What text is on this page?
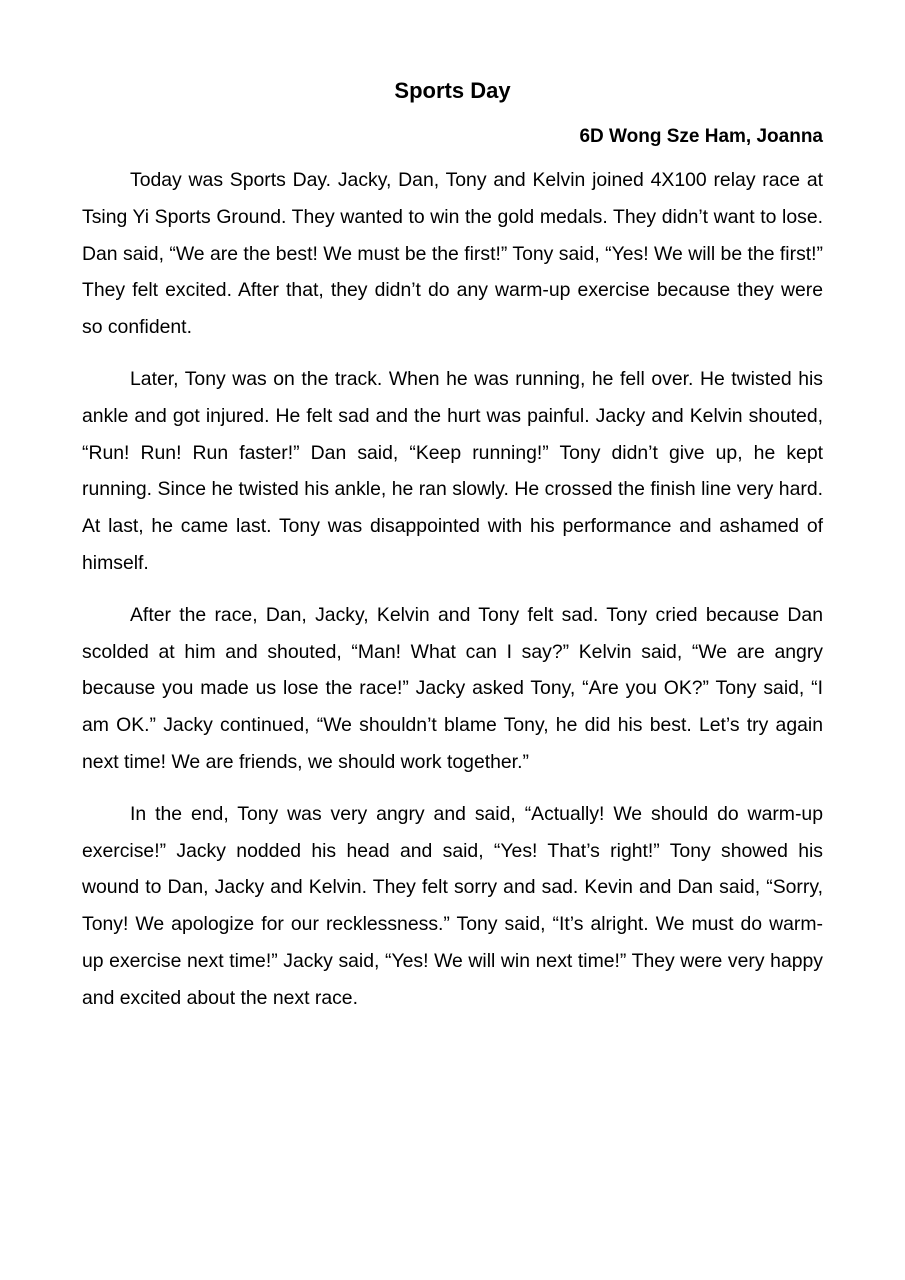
Sports Day
6D Wong Sze Ham, Joanna

Today was Sports Day. Jacky, Dan, Tony and Kelvin joined 4X100 relay race at Tsing Yi Sports Ground. They wanted to win the gold medals. They didn’t want to lose. Dan said, “We are the best! We must be the first!” Tony said, “Yes! We will be the first!” They felt excited. After that, they didn’t do any warm-up exercise because they were so confident.

Later, Tony was on the track. When he was running, he fell over. He twisted his ankle and got injured. He felt sad and the hurt was painful. Jacky and Kelvin shouted, “Run! Run! Run faster!” Dan said, “Keep running!” Tony didn’t give up, he kept running. Since he twisted his ankle, he ran slowly. He crossed the finish line very hard. At last, he came last. Tony was disappointed with his performance and ashamed of himself.

After the race, Dan, Jacky, Kelvin and Tony felt sad. Tony cried because Dan scolded at him and shouted, “Man! What can I say?” Kelvin said, “We are angry because you made us lose the race!” Jacky asked Tony, “Are you OK?” Tony said, “I am OK.” Jacky continued, “We shouldn’t blame Tony, he did his best. Let’s try again next time! We are friends, we should work together.”

In the end, Tony was very angry and said, “Actually! We should do warm-up exercise!” Jacky nodded his head and said, “Yes! That’s right!” Tony showed his wound to Dan, Jacky and Kelvin. They felt sorry and sad. Kevin and Dan said, “Sorry, Tony! We apologize for our recklessness.” Tony said, “It’s alright. We must do warm-up exercise next time!” Jacky said, “Yes! We will win next time!” They were very happy and excited about the next race.
